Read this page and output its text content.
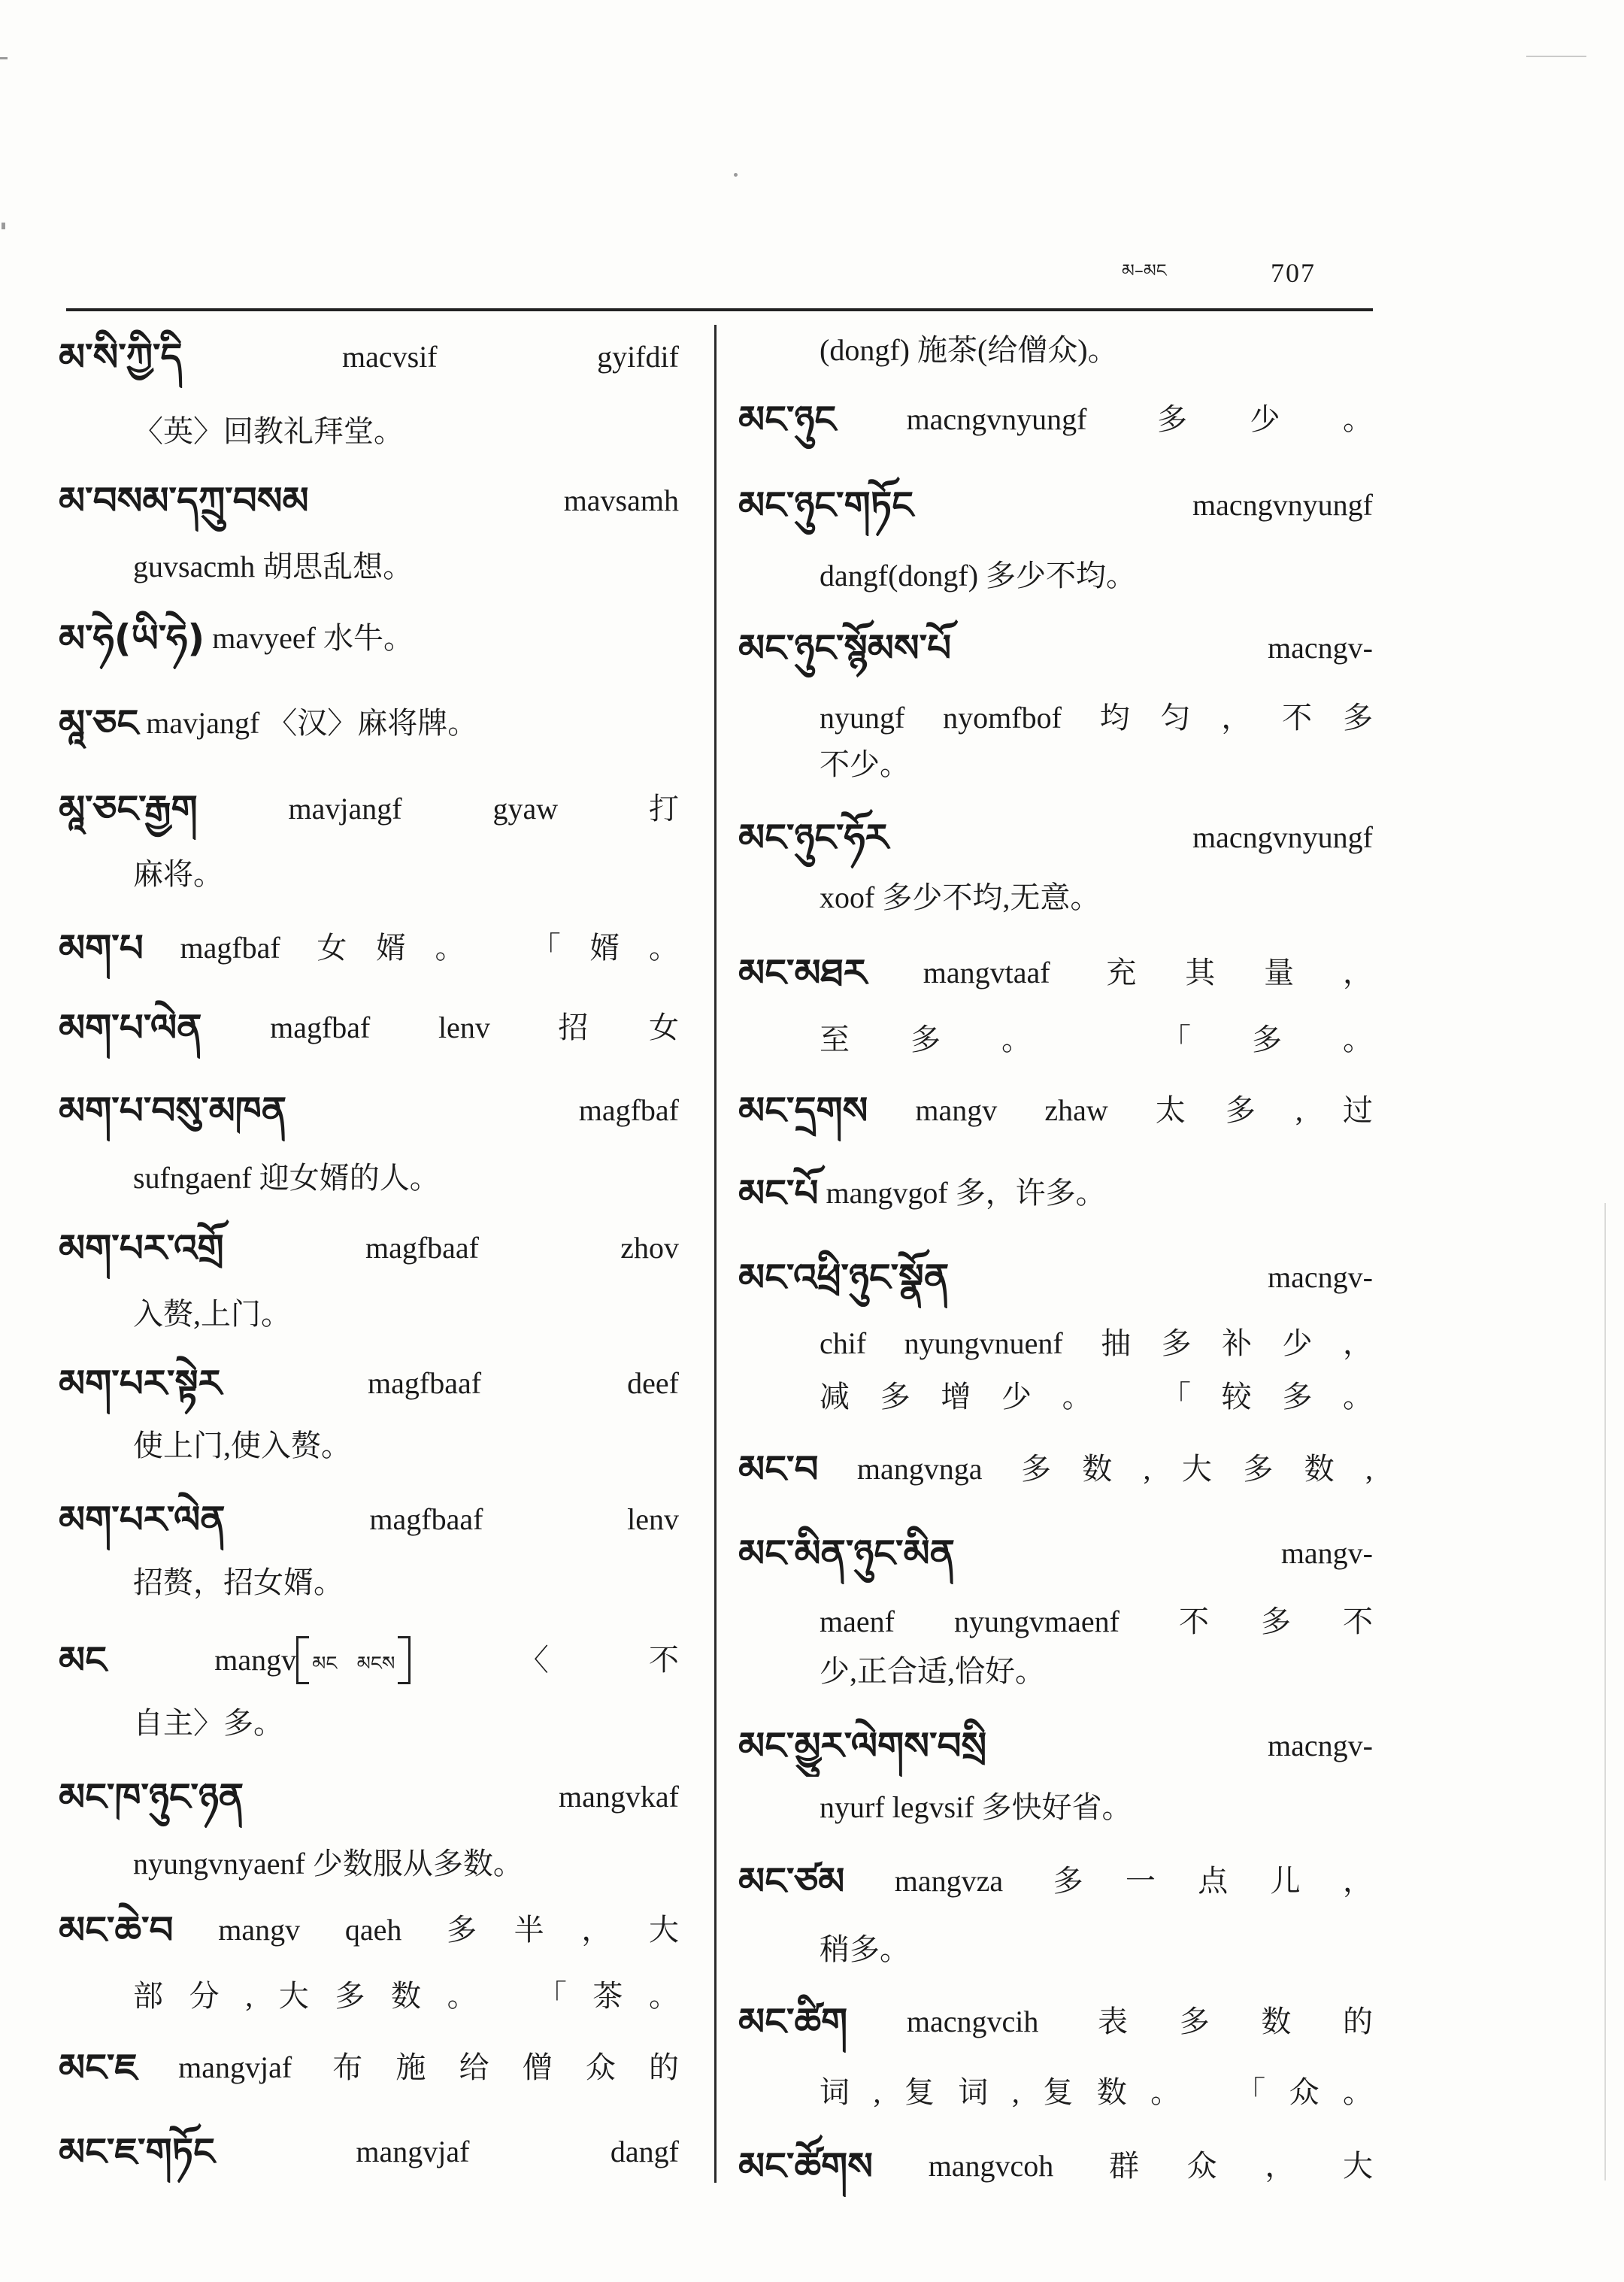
མ–མང	707
མ་སི་ཀྱི་དི	macvsif gyifdif
〈英〉回教礼拜堂。
མ་བསམ་དཀྲུ་བསམ	mavsamh
guvsacmh 胡思乱想。
མ་ཧེ(ཡི་ཧེ) mavyeef 水牛。
མཱ་ཅང mavjangf 〈汉〉麻将牌。
མཱ་ཅང་རྒྱག	mavjangf gyaw 打
麻将。
མག་པ magfbaf 女婿。 「婿。
མག་པ་ལེན magfbaf lenv 招女
མག་པ་བསུ་མཁན	magfbaf
sufngaenf 迎女婿的人。
མག་པར་འགྲོ	magfbaaf zhov
入赘,上门。
མག་པར་སྟེར	magfbaaf deef
使上门,使入赘。
མག་པར་ལེན	magfbaaf lenv
招赘，招女婿。
མང	mangv མང མངས	〈不
自主〉多。
མང་ཁ་ཉུང་ཉན	mangvkaf
nyungvnyaenf 少数服从多数。
མང་ཆེ་བ mangv qaeh 多半，大
部分,大多数。 「茶。
མང་ཇ mangvjaf 布施给僧众的
མང་ཇ་གཏོང	mangvjaf dangf
(dongf) 施茶(给僧众)。
མང་ཉུང macngvnyungf 多少。
མང་ཉུང་གཏོང	macngvnyungf
dangf(dongf) 多少不均。
མང་ཉུང་སྙོམས་པོ	macngv-
nyungf nyomfbof 均匀，不多
不少。
མང་ཉུང་ཧོར	macngvnyungf
xoof 多少不均,无意。
མང་མཐར mangvtaaf 充其量，
至多。 「多。
མང་དྲགས mangv zhaw 太多,过
མང་པོ mangvgof 多，许多。
མང་འཕྲི་ཉུང་སྣོན	macngv-
chif nyungvnuenf 抽多补少，
减多增少。 「较多。
མང་བ mangvnga 多数,大多数,
མང་མིན་ཉུང་མིན	mangv-
maenf nyungvmaenf 不多不
少,正合适,恰好。
མང་མྱུར་ལེགས་བསྲི	macngv-
nyurf legvsif 多快好省。
མང་ཙམ mangvza 多一点儿，
稍多。
མང་ཚིག macngvcih 表多数的
词,复词,复数。 「众。
མང་ཚོགས mangvcoh 群众，大
